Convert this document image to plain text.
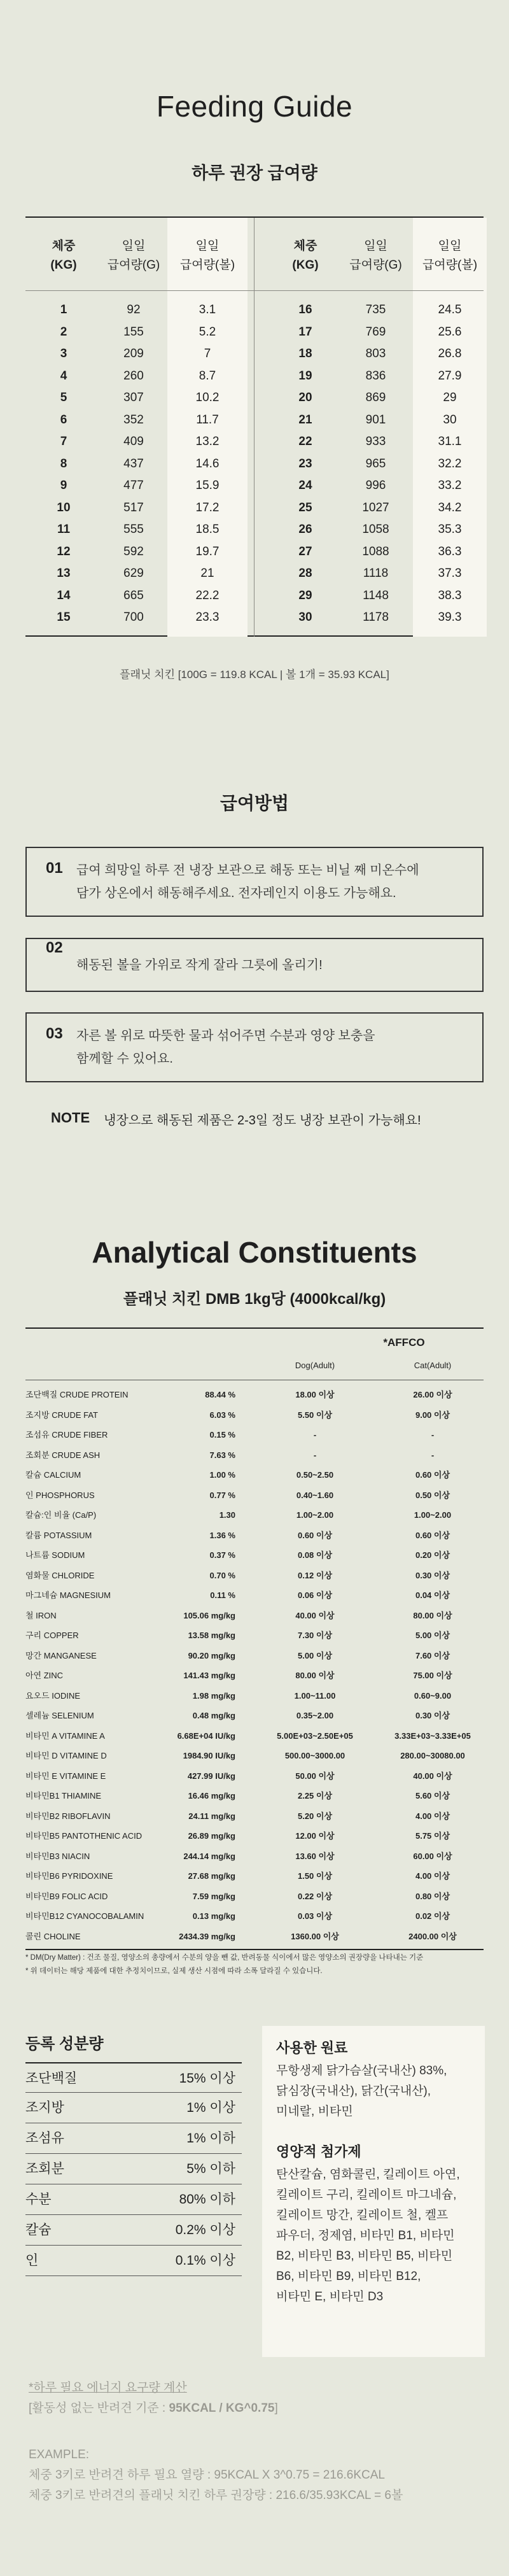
Feeding Guide
하루 권장 급여량
체중
(KG)
일일
급여량(G)
일일
급여량(볼)
1	92	3.1
2	155	5.2
3	209	7
4	260	8.7
5	307	10.2
6	352	11.7
7	409	13.2
8	437	14.6
9	477	15.9
10	517	17.2
11	555	18.5
12	592	19.7
13	629	21
14	665	22.2
15	700	23.3
체중
(KG)
일일
급여량(G)
일일
급여량(볼)
16	735	24.5
17	769	25.6
18	803	26.8
19	836	27.9
20	869	29
21	901	30
22	933	31.1
23	965	32.2
24	996	33.2
25	1027	34.2
26	1058	35.3
27	1088	36.3
28	1118	37.3
29	1148	38.3
30	1178	39.3

플래닛 치킨 [100G = 119.8 KCAL | 볼 1개 = 35.93 KCAL]

급여방법
01	급여 희망일 하루 전 냉장 보관으로 해동 또는 비닐 째 미온수에

담가 상온에서 해동해주세요. 전자레인지 이용도 가능해요.

02

해동된 볼을 가위로 작게 잘라 그릇에 올리기!

03	자른 볼 위로 따뜻한 물과 섞어주면 수분과 영양 보충을

함께할 수 있어요.

NOTE 냉장으로 해동된 제품은 2-3일 정도 냉장 보관이 가능해요!
Analytical Constituents
플래닛 치킨 DMB 1kg당 (4000kcal/kg)
*AFFCO
Dog(Adult)	Cat(Adult)
조단백질 CRUDE PROTEIN	88.44 %	18.00 이상	26.00 이상
조지방 CRUDE FAT	6.03 %	5.50 이상	9.00 이상
조섬유 CRUDE FIBER	0.15 %	-	-
조회분 CRUDE ASH	7.63 %	-	-
칼슘 CALCIUM	1.00 %	0.50~2.50	0.60 이상
인 PHOSPHORUS	0.77 %	0.40~1.60	0.50 이상
칼슘:인 비율 (Ca/P)	1.30	1.00~2.00	1.00~2.00
칼륨 POTASSIUM	1.36 %	0.60 이상	0.60 이상
나트륨 SODIUM	0.37 %	0.08 이상	0.20 이상
염화물 CHLORIDE	0.70 %	0.12 이상	0.30 이상
마그네슘 MAGNESIUM	0.11 %	0.06 이상	0.04 이상
철 IRON	105.06 mg/kg	40.00 이상	80.00 이상
구리 COPPER	13.58 mg/kg	7.30 이상	5.00 이상
망간 MANGANESE	90.20 mg/kg	5.00 이상	7.60 이상
아연 ZINC	141.43 mg/kg	80.00 이상	75.00 이상
요오드 IODINE	1.98 mg/kg	1.00~11.00	0.60~9.00
셀레늄 SELENIUM	0.48 mg/kg	0.35~2.00	0.30 이상
비타민 A VITAMINE A	6.68E+04 IU/kg	5.00E+03~2.50E+05	3.33E+03~3.33E+05
비타민 D VITAMINE D	1984.90 IU/kg	500.00~3000.00	280.00~30080.00
비타민 E VITAMINE E	427.99 IU/kg	50.00 이상	40.00 이상
비타민B1 THIAMINE	16.46 mg/kg	2.25 이상	5.60 이상
비타민B2 RIBOFLAVIN	24.11 mg/kg	5.20 이상	4.00 이상
비타민B5 PANTOTHENIC ACID	26.89 mg/kg	12.00 이상	5.75 이상
비타민B3 NIACIN	244.14 mg/kg	13.60 이상	60.00 이상
비타민B6 PYRIDOXINE	27.68 mg/kg	1.50 이상	4.00 이상
비타민B9 FOLIC ACID	7.59 mg/kg	0.22 이상	0.80 이상
비타민B12 CYANOCOBALAMIN	0.13 mg/kg	0.03 이상	0.02 이상
콜린 CHOLINE	2434.39 mg/kg	1360.00 이상	2400.00 이상

* DM(Dry Matter) : 건조 물질, 영양소의 총량에서 수분의 양을 뺀 값, 반려동물 식이에서 많은 영양소의 권장량을 나타내는 기준

* 위 데이터는 해당 제품에 대한 추정치이므로, 실제 생산 시점에 따라 소폭 달라질 수 있습니다.

등록 성분량
조단백질	15% 이상
조지방	1% 이상
조섬유	1% 이하
조회분	5% 이하
수분	80% 이하
칼슘	0.2% 이상
인	0.1% 이상
사용한 원료

무항생제 닭가슴살(국내산) 83%,

닭심장(국내산), 닭간(국내산),

미네랄, 비타민

영양적 첨가제

탄산칼슘, 염화콜린, 킬레이트 아연,

킬레이트 구리, 킬레이트 마그네슘,

킬레이트 망간, 킬레이트 철, 켈프

파우더, 정제염, 비타민 B1, 비타민

B2, 비타민 B3, 비타민 B5, 비타민

B6, 비타민 B9, 비타민 B12,

비타민 E, 비타민 D3

*하루 필요 에너지 요구량 계산

[활동성 없는 반려견 기준 : 95KCAL / KG^0.75]

EXAMPLE:

체중 3키로 반려견 하루 필요 열량 : 95KCAL X 3^0.75 = 216.6KCAL

체중 3키로 반려견의 플래닛 치킨 하루 권장량 : 216.6/35.93KCAL = 6볼
